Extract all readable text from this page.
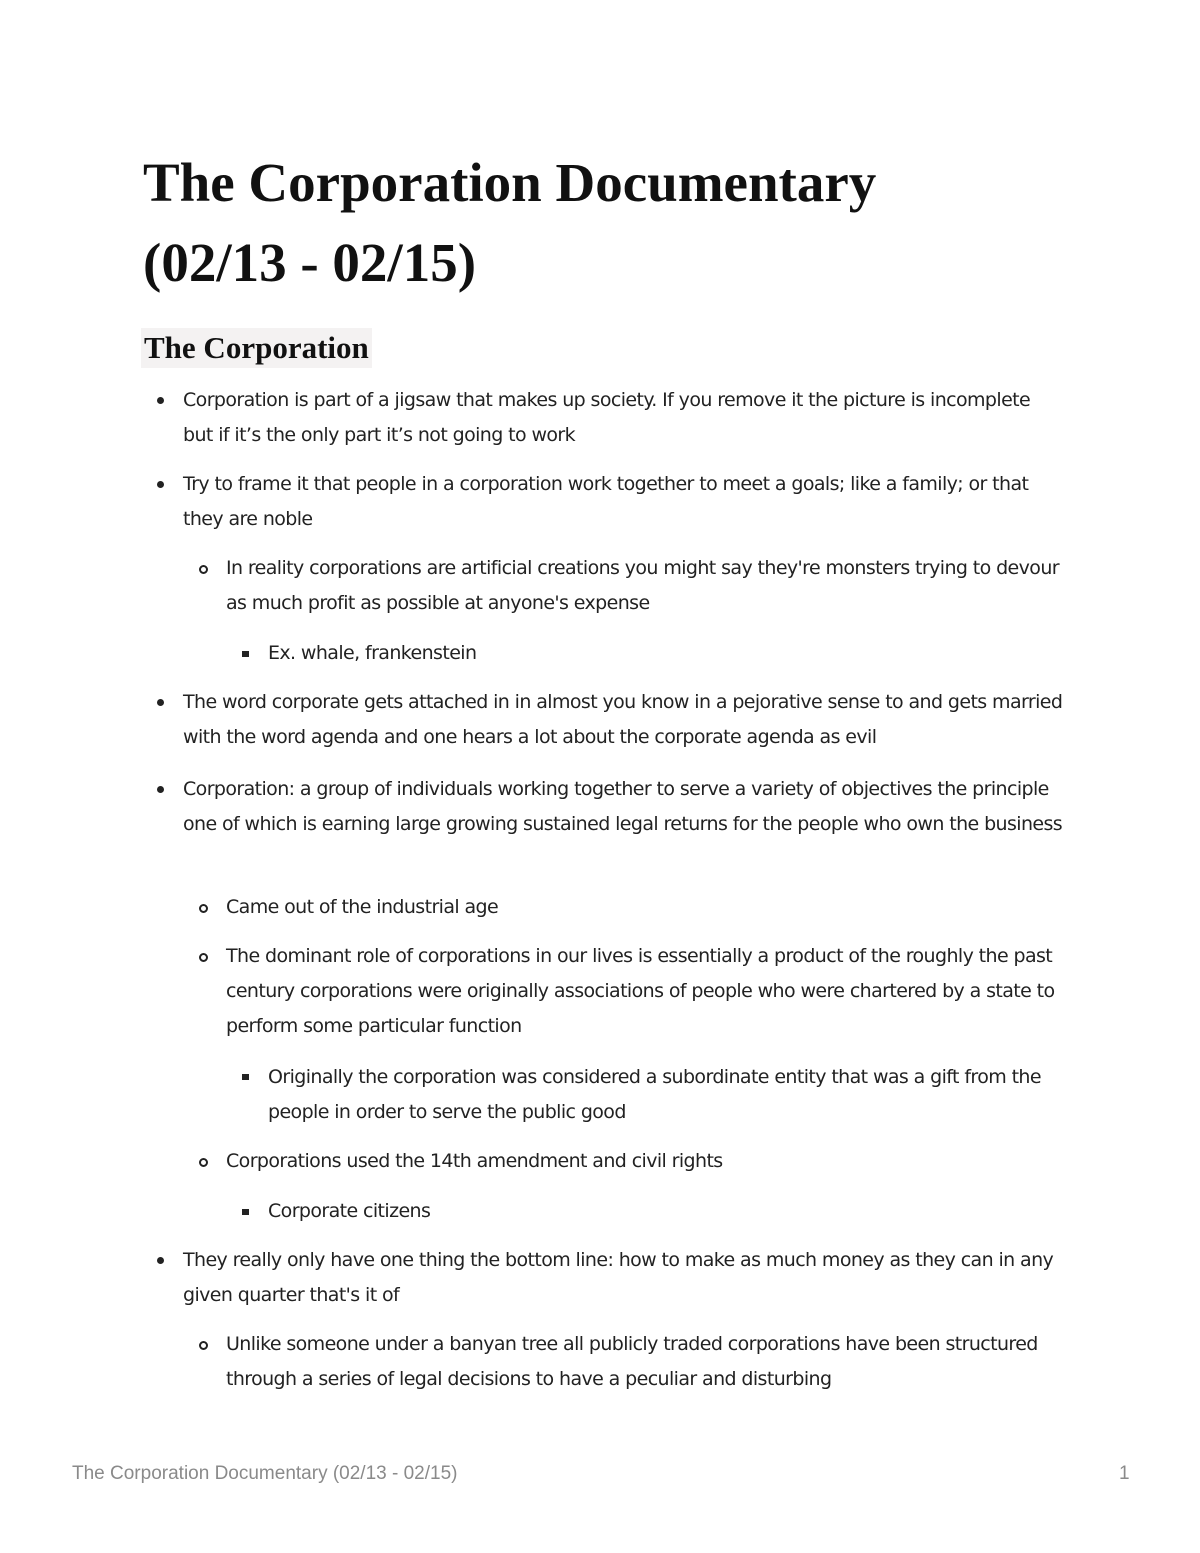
The Corporation Documentary
(02/13 - 02/15)
The Corporation
Corporation is part of a jigsaw that makes up society. If you remove it the picture is incomplete but if it’s the only part it’s not going to work
Try to frame it that people in a corporation work together to meet a goals; like a family; or that they are noble
In reality corporations are artificial creations you might say they're monsters trying to devour as much profit as possible at anyone's expense
Ex. whale, frankenstein
The word corporate gets attached in in almost you know in a pejorative sense to and gets married with the word agenda and one hears a lot about the corporate agenda as evil
Corporation: a group of individuals working together to serve a variety of objectives the principle one of which is earning large growing sustained legal returns for the people who own the business
Came out of the industrial age
The dominant role of corporations in our lives is essentially a product of the roughly the past century corporations were originally associations of people who were chartered by a state to perform some particular function
Originally the corporation was considered a subordinate entity that was a gift from the people in order to serve the public good
Corporations used the 14th amendment and civil rights
Corporate citizens
They really only have one thing the bottom line: how to make as much money as they can in any given quarter that's it of
Unlike someone under a banyan tree all publicly traded corporations have been structured through a series of legal decisions to have a peculiar and disturbing
The Corporation Documentary (02/13 - 02/15)	1
